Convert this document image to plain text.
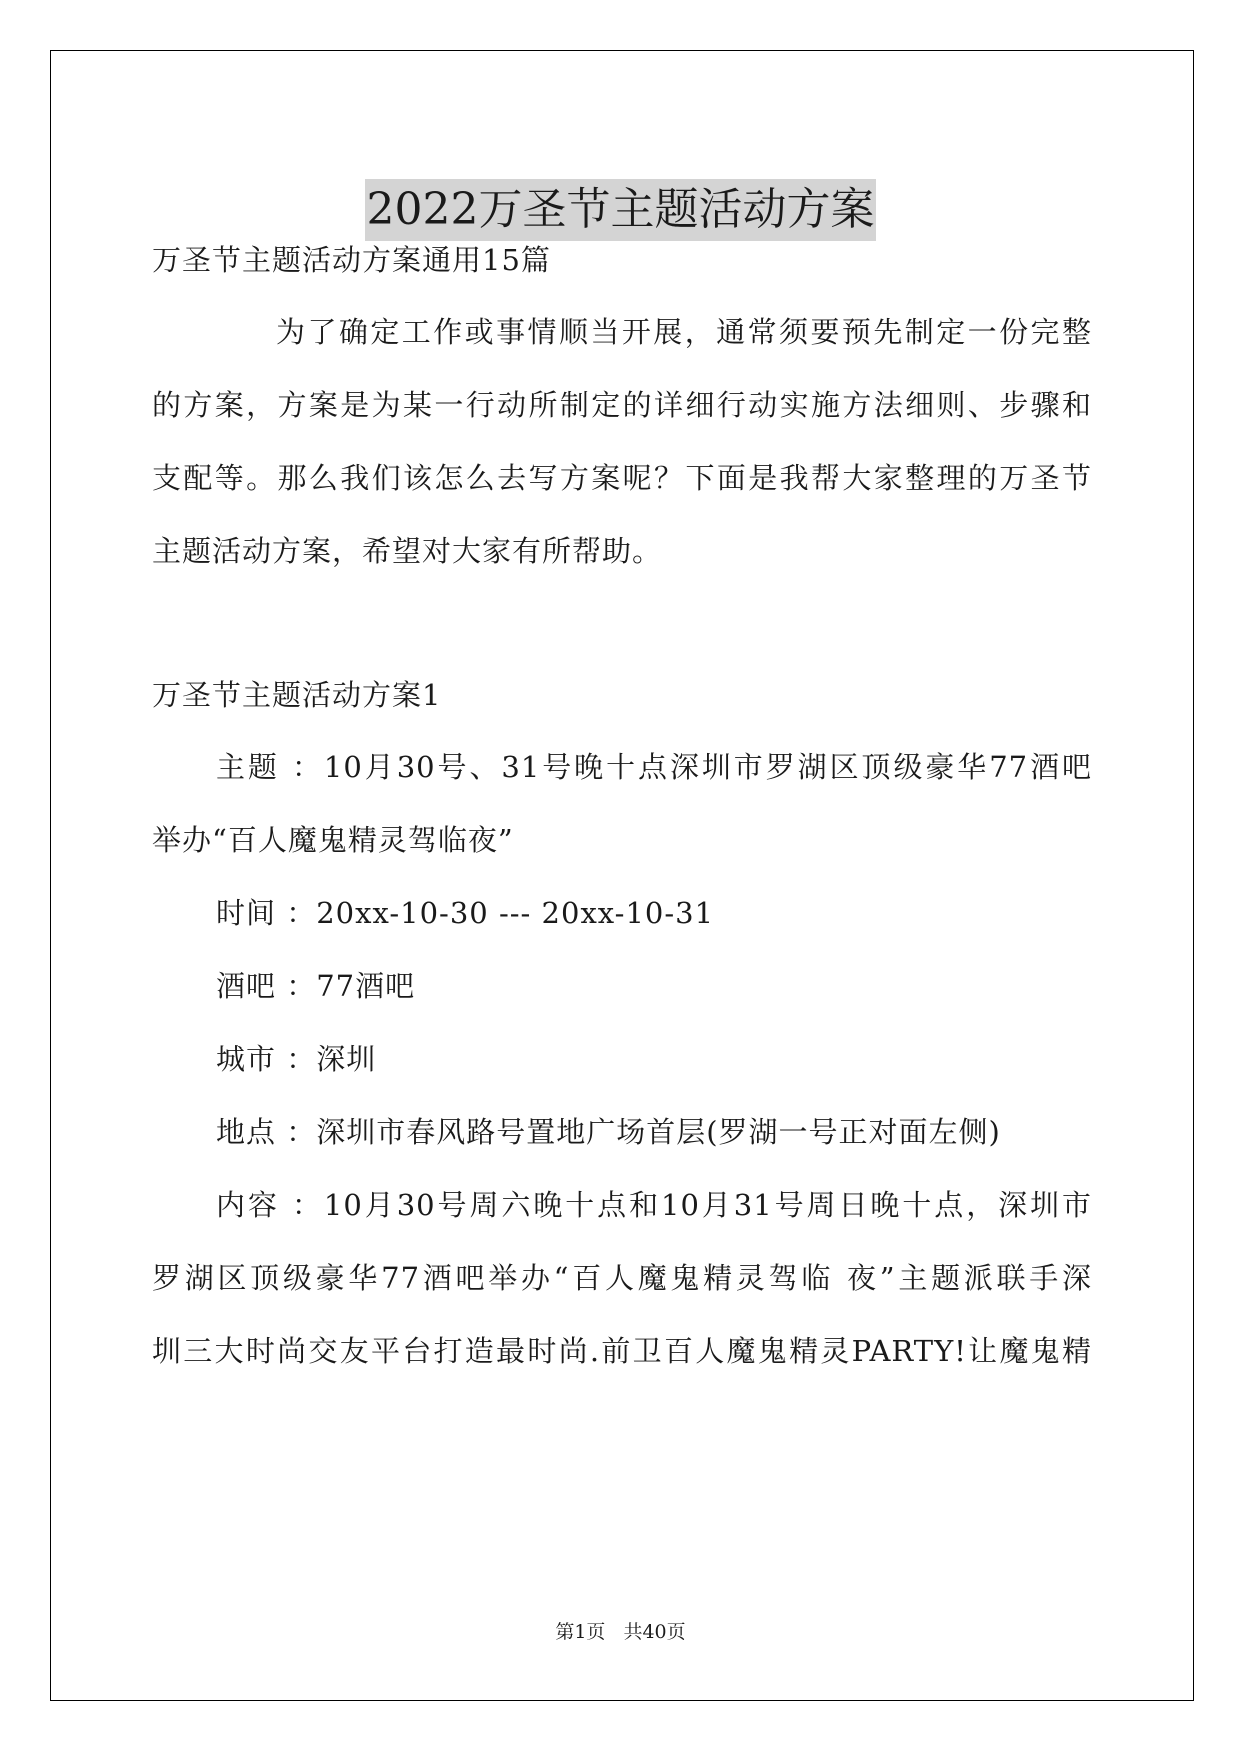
2022万圣节主题活动方案
万圣节主题活动方案通用15篇
为了确定工作或事情顺当开展，通常须要预先制定一份完整
的方案，方案是为某一行动所制定的详细行动实施方法细则、步骤和
支配等。那么我们该怎么去写方案呢？下面是我帮大家整理的万圣节
主题活动方案，希望对大家有所帮助。
万圣节主题活动方案1
主题 ：10月30号、31号晚十点深圳市罗湖区顶级豪华77酒吧
举办“百人魔鬼精灵驾临夜”
时间 ：20xx-10-30 --- 20xx-10-31
酒吧 ：77酒吧
城市 ：深圳
地点 ：深圳市春风路号置地广场首层(罗湖一号正对面左侧)
内容 ：10月30号周六晚十点和10月31号周日晚十点，深圳市
罗湖区顶级豪华77酒吧举办“百人魔鬼精灵驾临 夜”主题派联手深
圳三大时尚交友平台打造最时尚.前卫百人魔鬼精灵PARTY!让魔鬼精
第1页 共40页
